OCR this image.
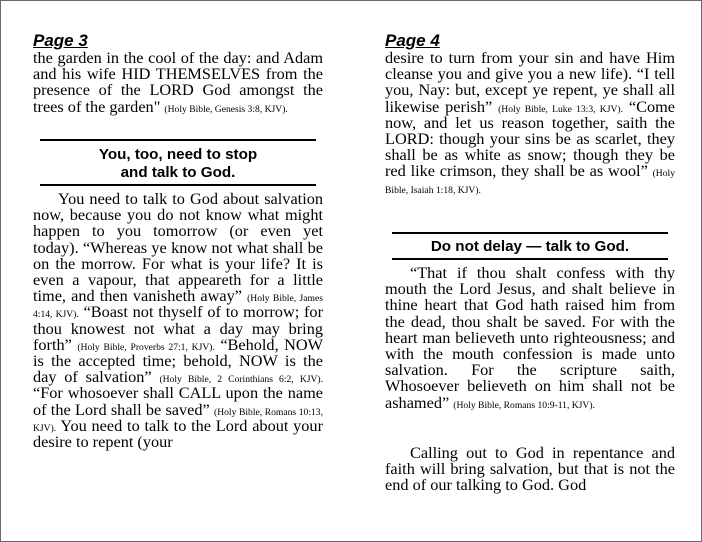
Page 3
the garden in the cool of the day: and Adam and his wife HID THEMSELVES from the presence of the LORD God amongst the trees of the garden" (Holy Bible, Genesis 3:8, KJV).
You, too, need to stop
and talk to God.
You need to talk to God about salvation now, because you do not know what might happen to you tomorrow (or even yet today). “Whereas ye know not what shall be on the morrow. For what is your life? It is even a vapour, that appeareth for a little time, and then vanisheth away” (Holy Bible, James 4:14, KJV). “Boast not thyself of to morrow; for thou knowest not what a day may bring forth” (Holy Bible, Proverbs 27:1, KJV). “Behold, NOW is the accepted time; behold, NOW is the day of salvation” (Holy Bible, 2 Corinthians 6:2, KJV). “For whosoever shall CALL upon the name of the Lord shall be saved” (Holy Bible, Romans 10:13, KJV). You need to talk to the Lord about your desire to repent (your
Page 4
desire to turn from your sin and have Him cleanse you and give you a new life). “I tell you, Nay: but, except ye repent, ye shall all likewise perish” (Holy Bible, Luke 13:3, KJV). “Come now, and let us reason together, saith the LORD: though your sins be as scarlet, they shall be as white as snow; though they be red like crimson, they shall be as wool” (Holy Bible, Isaiah 1:18, KJV).
Do not delay — talk to God.
“That if thou shalt confess with thy mouth the Lord Jesus, and shalt believe in thine heart that God hath raised him from the dead, thou shalt be saved. For with the heart man believeth unto righteousness; and with the mouth confession is made unto salvation. For the scripture saith, Whosoever believeth on him shall not be ashamed” (Holy Bible, Romans 10:9-11, KJV).
Calling out to God in repentance and faith will bring salvation, but that is not the end of our talking to God. God
